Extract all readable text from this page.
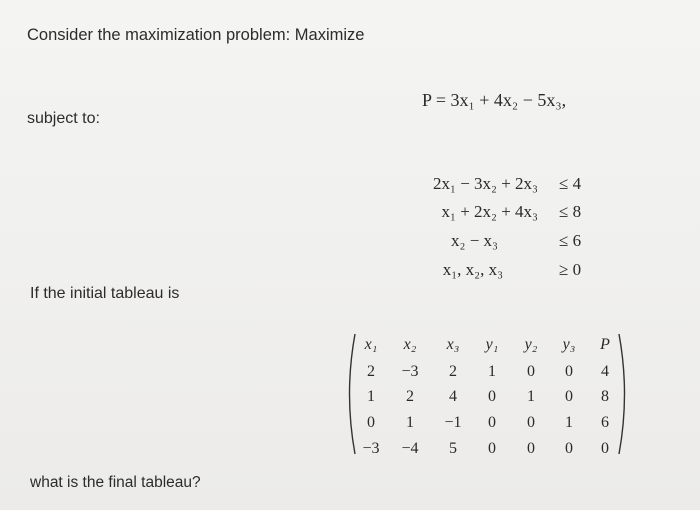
Consider the maximization problem: Maximize
P = 3x₁ + 4x₂ − 5x₃,
subject to:
2x₁ − 3x₂ + 2x₃ ≤ 4
x₁ + 2x₂ + 4x₃ ≤ 8
x₂ − x₃	≤ 6
x₁, x₂, x₃	≥ 0
If the initial tableau is
x₁	x₂	x₃	y₁	y₂	y₃	P
2	−3	2	1	0	0	4
1	2	4	0	1	0	8
0	1	−1	0	0	1	6
−3	−4	5	0	0	0	0
what is the final tableau?
